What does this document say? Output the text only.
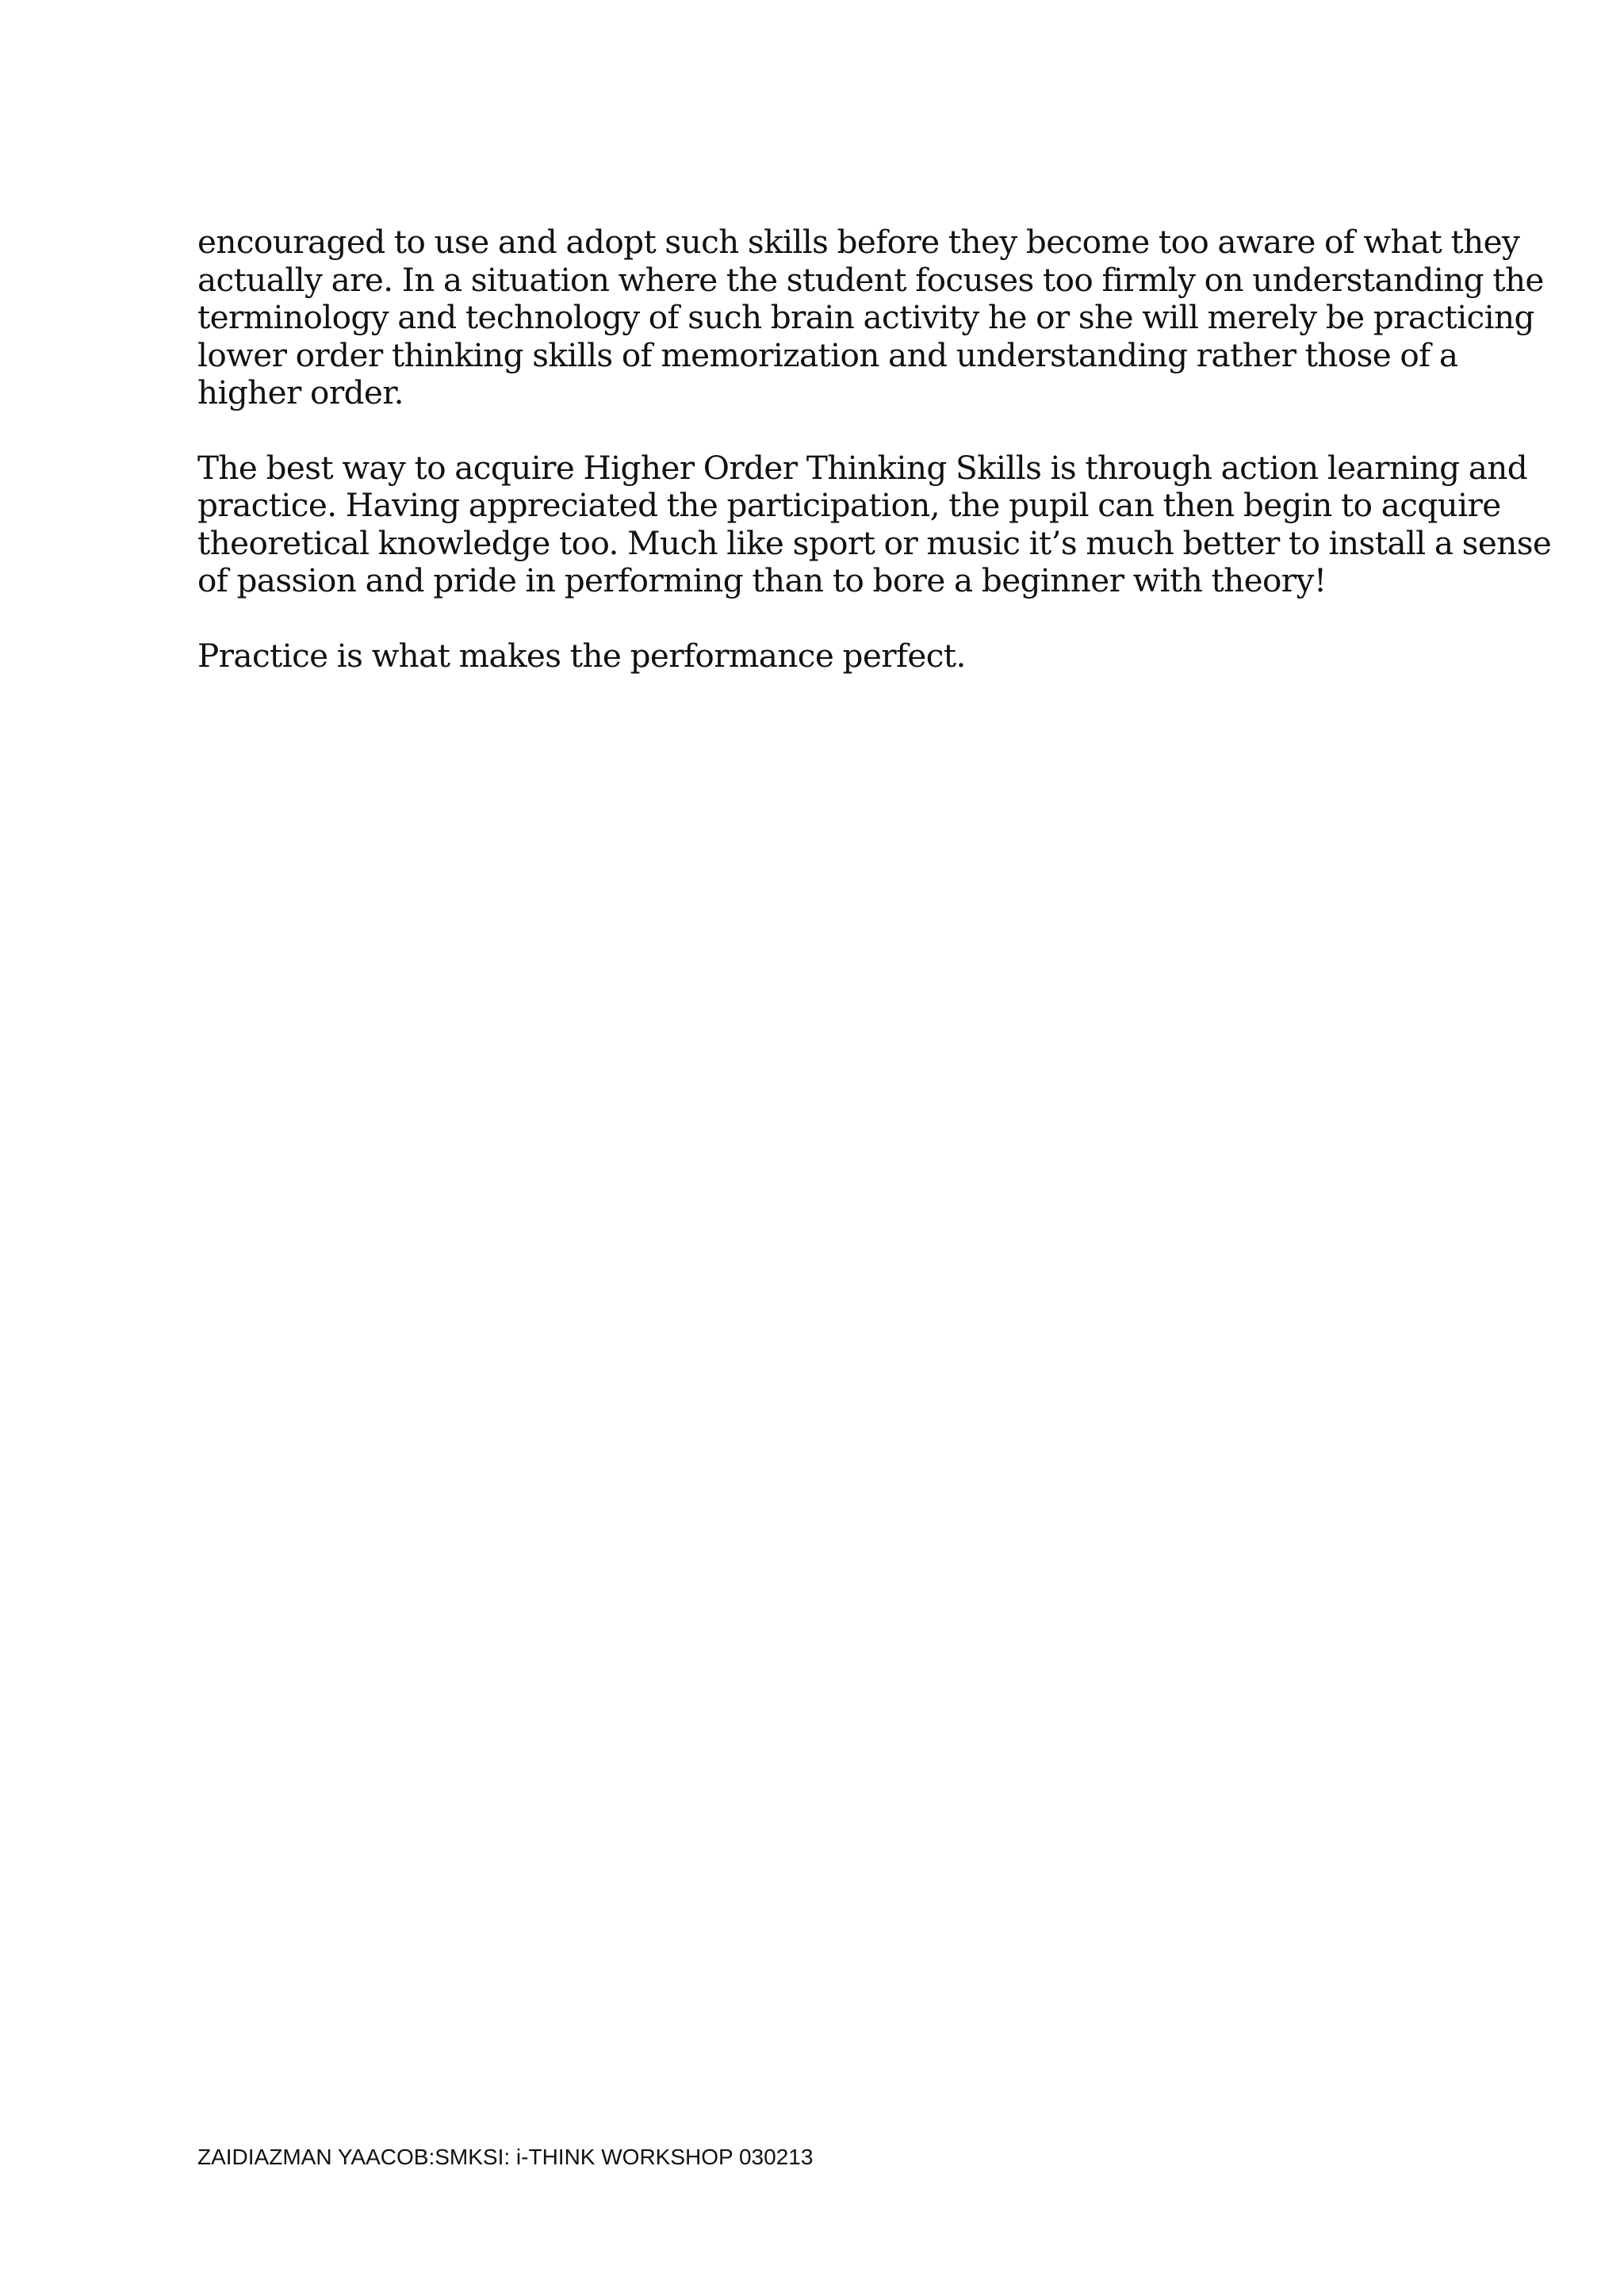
encouraged to use and adopt such skills before they become too aware of what they
actually are. In a situation where the student focuses too firmly on understanding the
terminology and technology of such brain activity he or she will merely be practicing
lower order thinking skills of memorization and understanding rather those of a
higher order.

The best way to acquire Higher Order Thinking Skills is through action learning and
practice. Having appreciated the participation, the pupil can then begin to acquire
theoretical knowledge too. Much like sport or music it’s much better to install a sense
of passion and pride in performing than to bore a beginner with theory!

Practice is what makes the performance perfect.

ZAIDIAZMAN YAACOB:SMKSI: i-THINK WORKSHOP 030213
